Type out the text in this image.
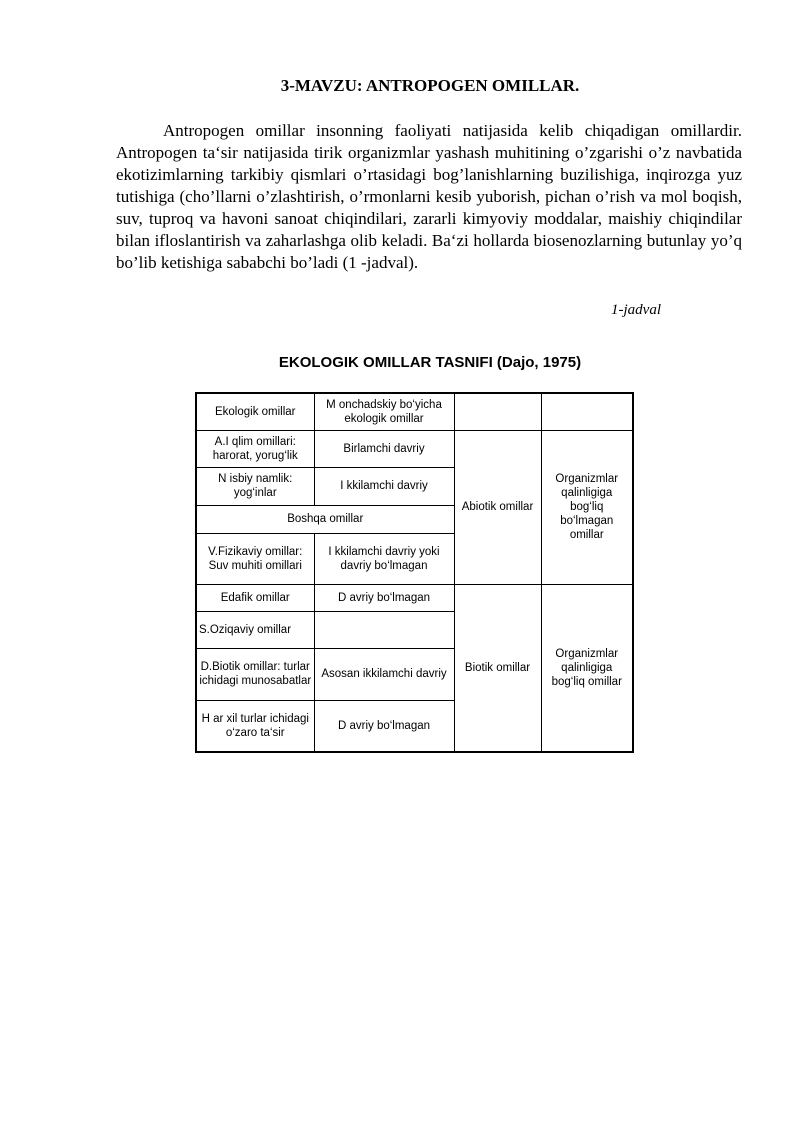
3-MAVZU: ANTROPOGEN OMILLAR.

Antropogen omillar insonning faoliyati natijasida kelib chiqadigan omillardir. Antropogen ta‘sir natijasida tirik organizmlar yashash muhitining o’zgarishi o’z navbatida ekotizimlarning tarkibiy qismlari o’rtasidagi bog’lanishlarning buzilishiga, inqirozga yuz tutishiga (cho’llarni o’zlashtirish, o’rmonlarni kesib yuborish, pichan o’rish va mol boqish, suv, tuproq va havoni sanoat chiqindilari, zararli kimyoviy moddalar, maishiy chiqindilar bilan ifloslantirish va zaharlashga olib keladi. Ba‘zi hollarda biosenozlarning butunlay yo’q bo’lib ketishiga sababchi bo’ladi (1 -jadval).

1-jadval
EKOLOGIK OMILLAR TASNIFI (Dajo, 1975)
Ekologik omillar	M onchadskiy bo‘yicha ekologik omillar		
A.I qlim omillari: harorat, yorug‘lik	Birlamchi davriy	Abiotik omillar	Organizmlar qalinligiga bog‘liq bo‘lmagan omillar
N isbiy namlik: yog‘inlar	I kkilamchi davriy		
Boshqa omillar			
V.Fizikaviy omillar: Suv muhiti omillari	I kkilamchi davriy yoki davriy bo‘lmagan		
Edafik omillar	D avriy bo‘lmagan	Biotik omillar	Organizmlar qalinligiga bog‘liq omillar
S.Oziqaviy omillar			
D.Biotik omillar: turlar ichidagi munosabatlar	Asosan ikkilamchi davriy		
H ar xil turlar ichidagi o‘zaro ta‘sir	D avriy bo‘lmagan		
